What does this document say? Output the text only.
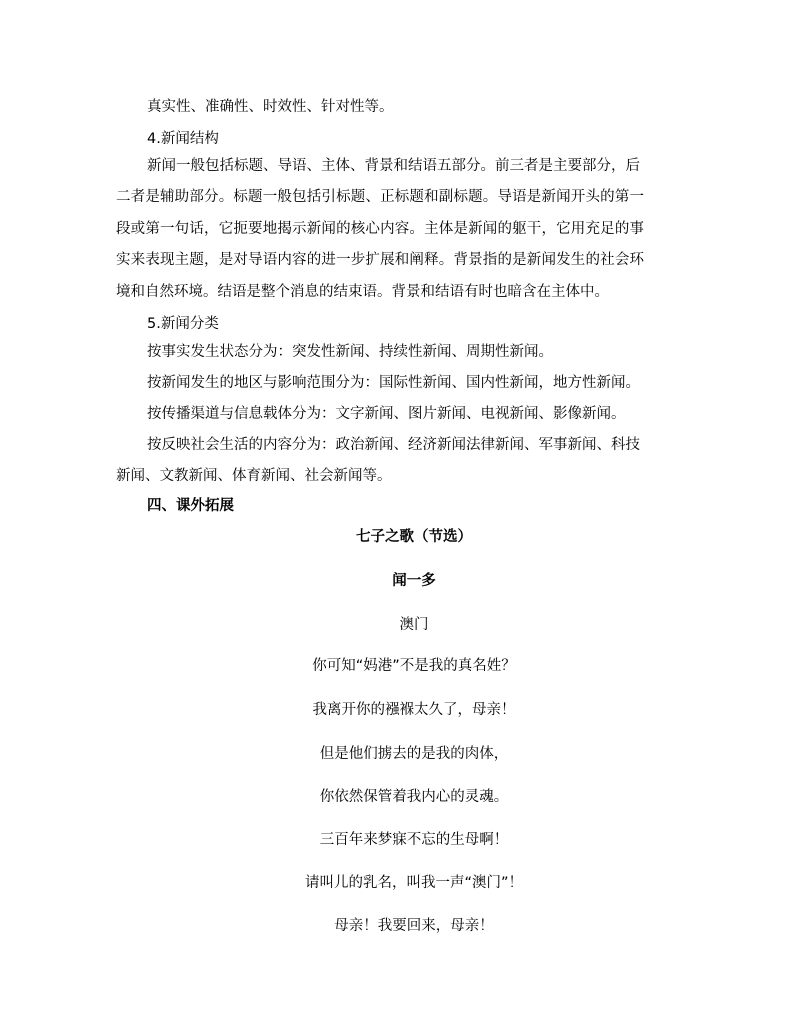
真实性、准确性、时效性、针对性等。
4.新闻结构
新闻一般包括标题、导语、主体、背景和结语五部分。前三者是主要部分，后
二者是辅助部分。标题一般包括引标题、正标题和副标题。导语是新闻开头的第一
段或第一句话，它扼要地揭示新闻的核心内容。主体是新闻的躯干，它用充足的事
实来表现主题，是对导语内容的进一步扩展和阐释。背景指的是新闻发生的社会环
境和自然环境。结语是整个消息的结束语。背景和结语有时也暗含在主体中。
5.新闻分类
按事实发生状态分为：突发性新闻、持续性新闻、周期性新闻。
按新闻发生的地区与影响范围分为：国际性新闻、国内性新闻，地方性新闻。
按传播渠道与信息载体分为：文字新闻、图片新闻、电视新闻、影像新闻。
按反映社会生活的内容分为：政治新闻、经济新闻法律新闻、军事新闻、科技
新闻、文教新闻、体育新闻、社会新闻等。
四、课外拓展
七子之歌（节选）
闻一多
澳门
你可知“妈港”不是我的真名姓？
我离开你的襁褓太久了，母亲！
但是他们掳去的是我的肉体，
你依然保管着我内心的灵魂。
三百年来梦寐不忘的生母啊！
请叫儿的乳名，叫我一声“澳门”！
母亲！我要回来，母亲！
